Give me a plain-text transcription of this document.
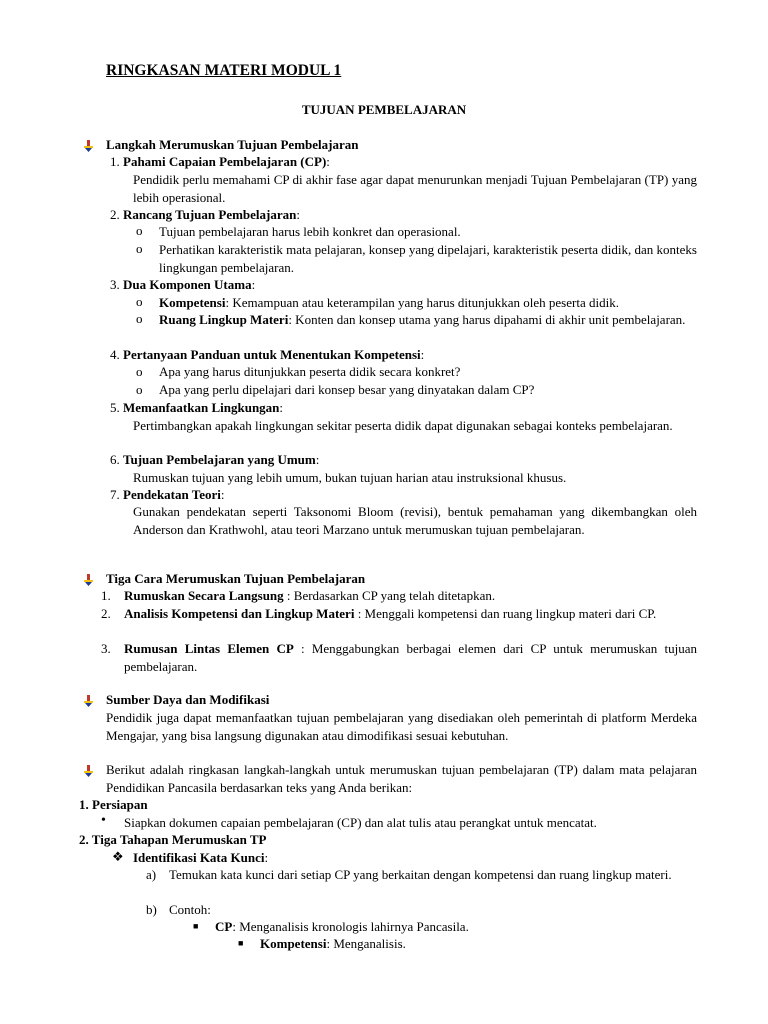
RINGKASAN MATERI MODUL 1
TUJUAN PEMBELAJARAN
Langkah Merumuskan Tujuan Pembelajaran
1. Pahami Capaian Pembelajaran (CP):
Pendidik perlu memahami CP di akhir fase agar dapat menurunkan menjadi Tujuan Pembelajaran (TP) yang lebih operasional.
2. Rancang Tujuan Pembelajaran:
o Tujuan pembelajaran harus lebih konkret dan operasional.
o Perhatikan karakteristik mata pelajaran, konsep yang dipelajari, karakteristik peserta didik, dan konteks lingkungan pembelajaran.
3. Dua Komponen Utama:
o Kompetensi: Kemampuan atau keterampilan yang harus ditunjukkan oleh peserta didik.
o Ruang Lingkup Materi: Konten dan konsep utama yang harus dipahami di akhir unit pembelajaran.
4. Pertanyaan Panduan untuk Menentukan Kompetensi:
o Apa yang harus ditunjukkan peserta didik secara konkret?
o Apa yang perlu dipelajari dari konsep besar yang dinyatakan dalam CP?
5. Memanfaatkan Lingkungan:
Pertimbangkan apakah lingkungan sekitar peserta didik dapat digunakan sebagai konteks pembelajaran.
6. Tujuan Pembelajaran yang Umum:
Rumuskan tujuan yang lebih umum, bukan tujuan harian atau instruksional khusus.
7. Pendekatan Teori:
Gunakan pendekatan seperti Taksonomi Bloom (revisi), bentuk pemahaman yang dikembangkan oleh Anderson dan Krathwohl, atau teori Marzano untuk merumuskan tujuan pembelajaran.
Tiga Cara Merumuskan Tujuan Pembelajaran
1. Rumuskan Secara Langsung : Berdasarkan CP yang telah ditetapkan.
2. Analisis Kompetensi dan Lingkup Materi : Menggali kompetensi dan ruang lingkup materi dari CP.
3. Rumusan Lintas Elemen CP : Menggabungkan berbagai elemen dari CP untuk merumuskan tujuan pembelajaran.
Sumber Daya dan Modifikasi
Pendidik juga dapat memanfaatkan tujuan pembelajaran yang disediakan oleh pemerintah di platform Merdeka Mengajar, yang bisa langsung digunakan atau dimodifikasi sesuai kebutuhan.
Berikut adalah ringkasan langkah-langkah untuk merumuskan tujuan pembelajaran (TP) dalam mata pelajaran Pendidikan Pancasila berdasarkan teks yang Anda berikan:
1. Persiapan
• Siapkan dokumen capaian pembelajaran (CP) dan alat tulis atau perangkat untuk mencatat.
2. Tiga Tahapan Merumuskan TP
❖ Identifikasi Kata Kunci:
a) Temukan kata kunci dari setiap CP yang berkaitan dengan kompetensi dan ruang lingkup materi.
b) Contoh:
■ CP: Menganalisis kronologis lahirnya Pancasila.
■ Kompetensi: Menganalisis.
